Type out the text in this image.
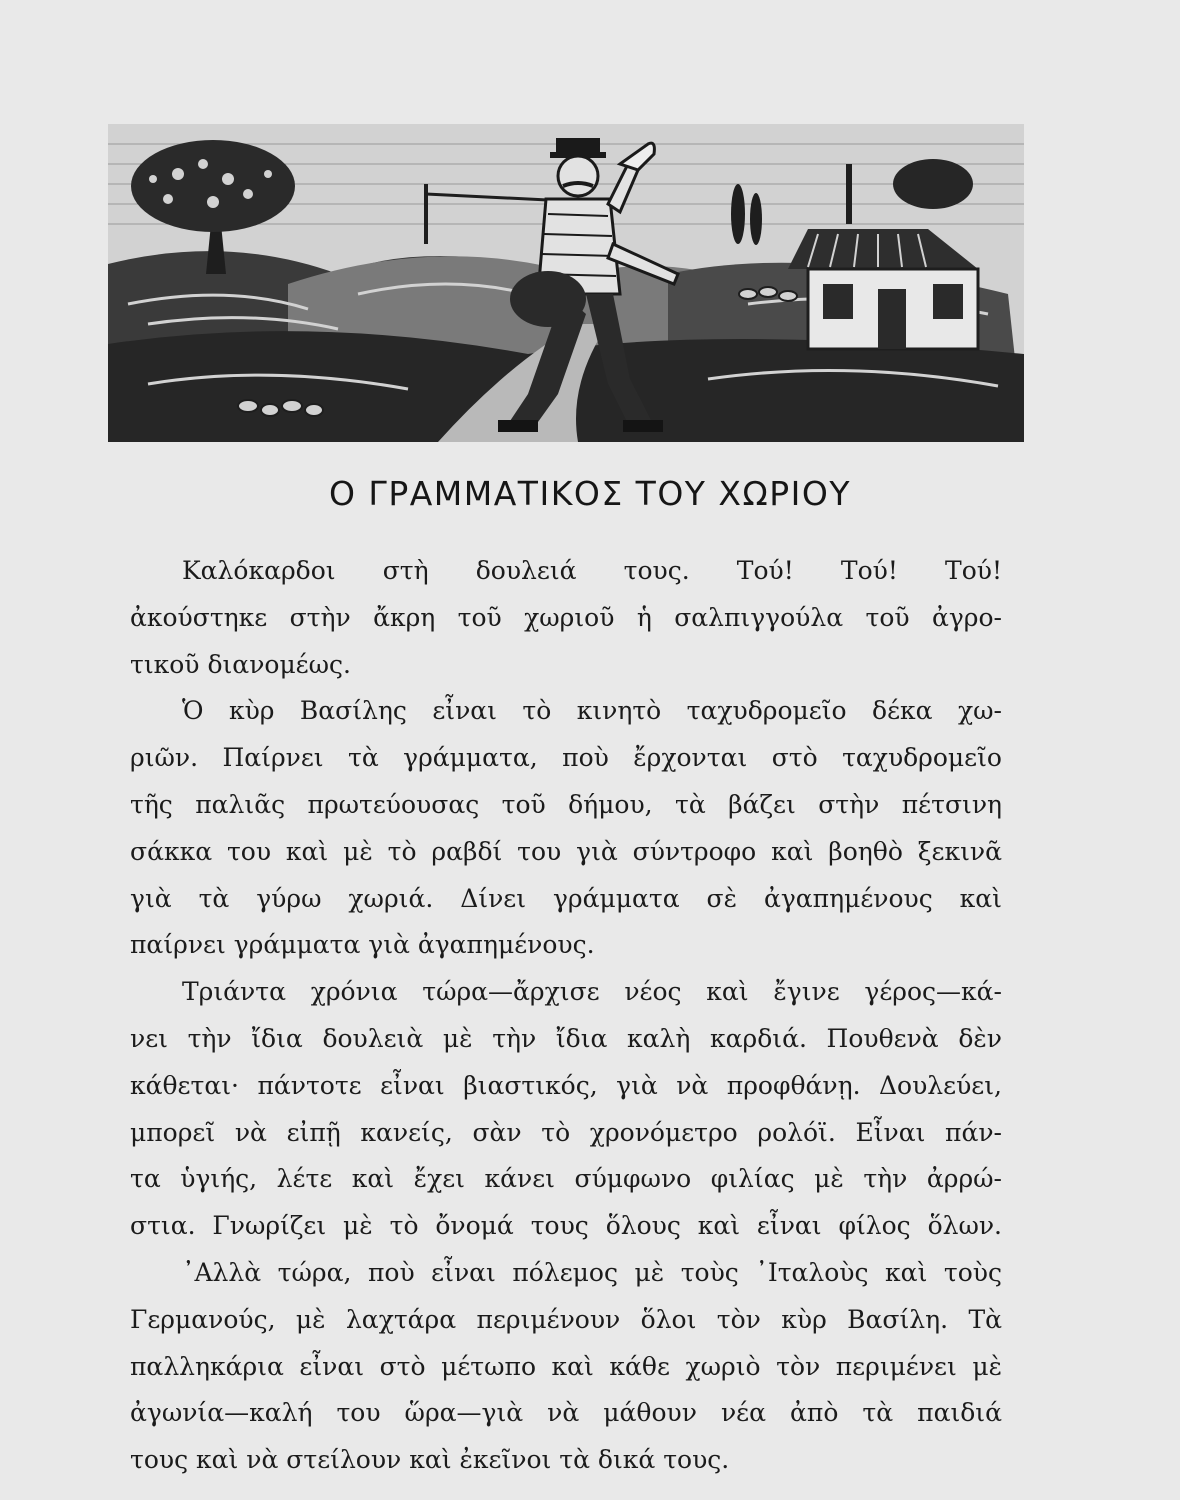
Ο ΓΡΑΜΜΑΤΙΚΟΣ ΤΟΥ ΧΩΡΙΟΥ
Καλόκαρδοι στὴ δουλειά τους. Τού! Τού! Τού!
ἀκούστηκε στὴν ἄκρη τοῦ χωριοῦ ἡ σαλπιγγούλα τοῦ ἀγρο-
τικοῦ διανομέως.
Ὁ κὺρ Βασίλης εἶναι τὸ κινητὸ ταχυδρομεῖο δέκα χω-
ριῶν. Παίρνει τὰ γράμματα, ποὺ ἔρχονται στὸ ταχυδρομεῖο
τῆς παλιᾶς πρωτεύουσας τοῦ δήμου, τὰ βάζει στὴν πέτσινη
σάκκα του καὶ μὲ τὸ ραβδί του γιὰ σύντροφο καὶ βοηθὸ ξεκινᾶ
γιὰ τὰ γύρω χωριά. Δίνει γράμματα σὲ ἀγαπημένους καὶ
παίρνει γράμματα γιὰ ἀγαπημένους.
Τριάντα χρόνια τώρα—ἄρχισε νέος καὶ ἔγινε γέρος—κά-
νει τὴν ἴδια δουλειὰ μὲ τὴν ἴδια καλὴ καρδιά. Πουθενὰ δὲν
κάθεται· πάντοτε εἶναι βιαστικός, γιὰ νὰ προφθάνῃ. Δουλεύει,
μπορεῖ νὰ εἰπῇ κανείς, σὰν τὸ χρονόμετρο ρολόϊ. Εἶναι πάν-
τα ὑγιής, λέτε καὶ ἔχει κάνει σύμφωνο φιλίας μὲ τὴν ἀρρώ-
στια. Γνωρίζει μὲ τὸ ὄνομά τους ὅλους καὶ εἶναι φίλος ὅλων.
᾿Αλλὰ τώρα, ποὺ εἶναι πόλεμος μὲ τοὺς ᾿Ιταλοὺς καὶ τοὺς
Γερμανούς, μὲ λαχτάρα περιμένουν ὅλοι τὸν κὺρ Βασίλη. Τὰ
παλληκάρια εἶναι στὸ μέτωπο καὶ κάθε χωριὸ τὸν περιμένει μὲ
ἀγωνία—καλή του ὥρα—γιὰ νὰ μάθουν νέα ἀπὸ τὰ παιδιά
τους καὶ νὰ στείλουν καὶ ἐκεῖνοι τὰ δικά τους.
